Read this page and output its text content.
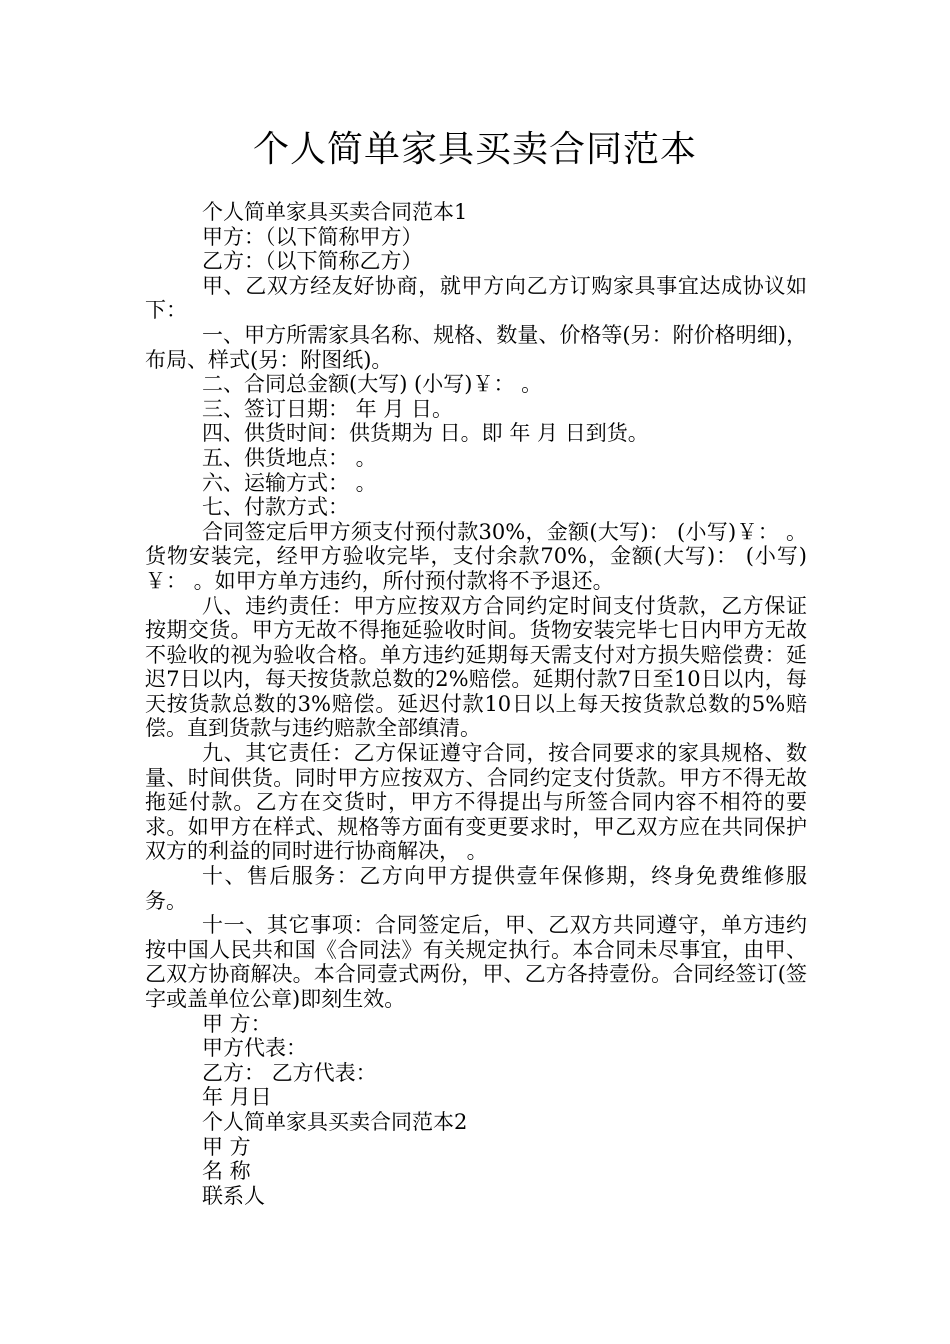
个人简单家具买卖合同范本

个人简单家具买卖合同范本1

甲方：（以下简称甲方）

乙方：（以下简称乙方）

甲、乙双方经友好协商，就甲方向乙方订购家具事宜达成协议如下：

一、甲方所需家具名称、规格、数量、价格等(另：附价格明细)，布局、样式(另：附图纸)。

二、合同总金额(大写) (小写)￥： 。

三、签订日期： 年 月 日。

四、供货时间：供货期为 日。即 年 月 日到货。

五、供货地点： 。

六、运输方式： 。

七、付款方式：

合同签定后甲方须支付预付款30%，金额(大写)： (小写)￥： 。货物安装完，经甲方验收完毕，支付余款70%，金额(大写)： (小写)￥： 。如甲方单方违约，所付预付款将不予退还。

八、违约责任：甲方应按双方合同约定时间支付货款，乙方保证按期交货。甲方无故不得拖延验收时间。货物安装完毕七日内甲方无故不验收的视为验收合格。单方违约延期每天需支付对方损失赔偿费：延迟7日以内，每天按货款总数的2%赔偿。延期付款7日至10日以内，每天按货款总数的3%赔偿。延迟付款10日以上每天按货款总数的5%赔偿。直到货款与违约赔款全部缜清。

九、其它责任：乙方保证遵守合同，按合同要求的家具规格、数量、时间供货。同时甲方应按双方、合同约定支付货款。甲方不得无故拖延付款。乙方在交货时，甲方不得提出与所签合同内容不相符的要求。如甲方在样式、规格等方面有变更要求时，甲乙双方应在共同保护双方的利益的同时进行协商解决， 。

十、售后服务：乙方向甲方提供壹年保修期，终身免费维修服务。

十一、其它事项：合同签定后，甲、乙双方共同遵守，单方违约按中国人民共和国《合同法》有关规定执行。本合同未尽事宜，由甲、乙双方协商解决。本合同壹式两份，甲、乙方各持壹份。合同经签订(签字或盖单位公章)即刻生效。

甲 方：

甲方代表：

乙方： 乙方代表：

年 月日

个人简单家具买卖合同范本2

甲 方

名 称

联系人
